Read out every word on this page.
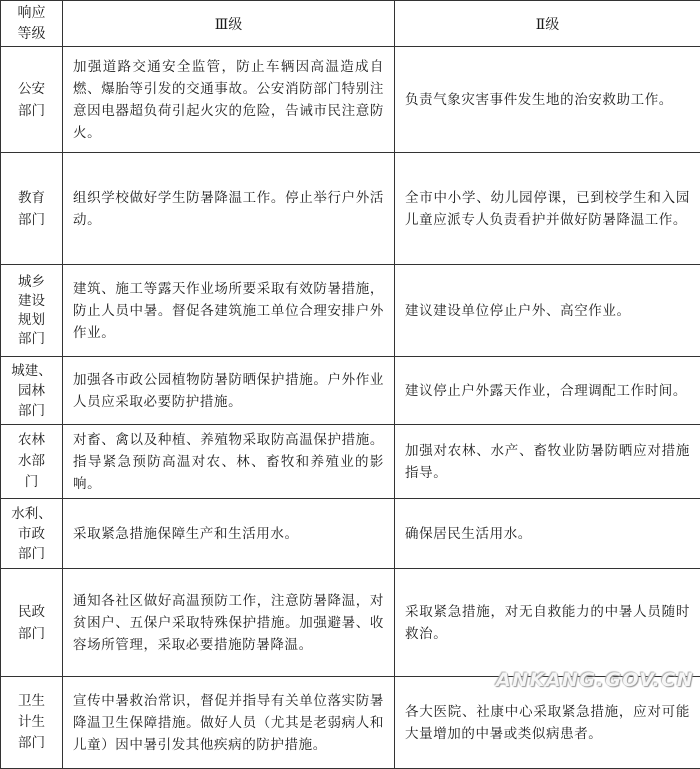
响应
等级	Ⅲ级	Ⅱ级

公安
部门	加强道路交通安全监管，防止车辆因高温造成自燃、爆胎等引发的交通事故。公安消防部门特别注意因电器超负荷引起火灾的危险，告诫市民注意防火。	负责气象灾害事件发生地的治安救助工作。

教育
部门	组织学校做好学生防暑降温工作。停止举行户外活动。	全市中小学、幼儿园停课，已到校学生和入园儿童应派专人负责看护并做好防暑降温工作。

城乡
建设
规划
部门	建筑、施工等露天作业场所要采取有效防暑措施，防止人员中暑。督促各建筑施工单位合理安排户外作业。	建议建设单位停止户外、高空作业。

城建、
园林
部门	加强各市政公园植物防暑防晒保护措施。户外作业人员应采取必要防护措施。	建议停止户外露天作业，合理调配工作时间。

农林
水部
门	对畜、禽以及种植、养殖物采取防高温保护措施。指导紧急预防高温对农、林、畜牧和养殖业的影响。	加强对农林、水产、畜牧业防暑防晒应对措施指导。

水利、
市政
部门	采取紧急措施保障生产和生活用水。	确保居民生活用水。

民政
部门	通知各社区做好高温预防工作，注意防暑降温，对贫困户、五保户采取特殊保护措施。加强避暑、收容场所管理，采取必要措施防暑降温。	采取紧急措施，对无自救能力的中暑人员随时救治。

卫生
计生
部门	宣传中暑救治常识，督促并指导有关单位落实防暑降温卫生保障措施。做好人员（尤其是老弱病人和儿童）因中暑引发其他疾病的防护措施。	各大医院、社康中心采取紧急措施，应对可能大量增加的中暑或类似病患者。
ANKANG.GOV.CN
